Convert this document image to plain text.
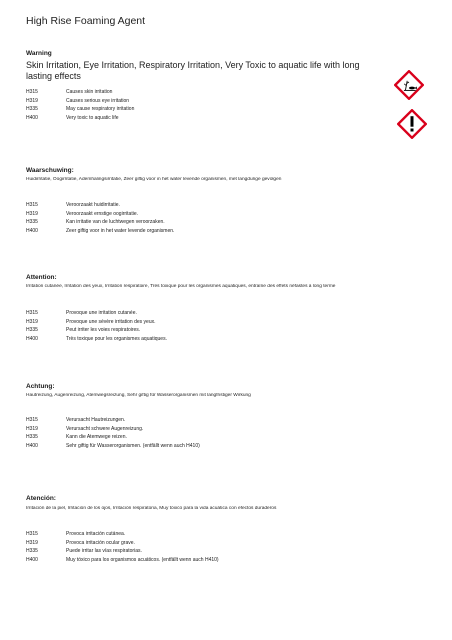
High Rise Foaming Agent
Warning
Skin Irritation, Eye Irritation, Respiratory Irritation, Very Toxic to aquatic life with long lasting effects
H315	Causes skin irritation
H319	Causes serious eye irritation
H335	May cause respiratory irritation
H400	Very toxic to aquatic life
Waarschuwing:
Huidirritatie, Oogirritatie, Ademhalingsirritatie, Zeer giftig voor in het water levende organismen, met langdurige gevolgen
H315	Veroorzaakt huidirritatie.
H319	Veroorzaakt ernstige oogirritatie.
H335	Kan irritatie van de luchtwegen veroorzaken.
H400	Zeer giftig voor in het water levende organismen.
Attention:
Irritation cutanée, Irritation des yeux, Irritation respiratoire, Très toxique pour les organismes aquatiques, entraîne des effets néfastes à long terme
H315	Provoque une irritation cutanée.
H319	Provoque une sévère irritation des yeux.
H335	Peut irriter les voies respiratoires.
H400	Très toxique pour les organismes aquatiques.
Achtung:
Hautreizung, Augenreizung, Atemwegsreizung, Sehr giftig für Wasserorganismen mit langfristiger Wirkung
H315	Verursacht Hautreizungen.
H319	Verursacht schwere Augenreizung.
H335	Kann die Atemwege reizen.
H400	Sehr giftig für Wasserorganismen. (entfällt wenn auch H410)
Atención:
Irritación de la piel, Irritación de los ojos, Irritación respiratoria, Muy tóxico para la vida acuática con efectos duraderos
H315	Provoca irritación cutánea.
H319	Provoca irritación ocular grave.
H335	Puede irritar las vías respiratorias.
H400	Muy tóxico para los organismos acuáticos. (entfällt wenn auch H410)
